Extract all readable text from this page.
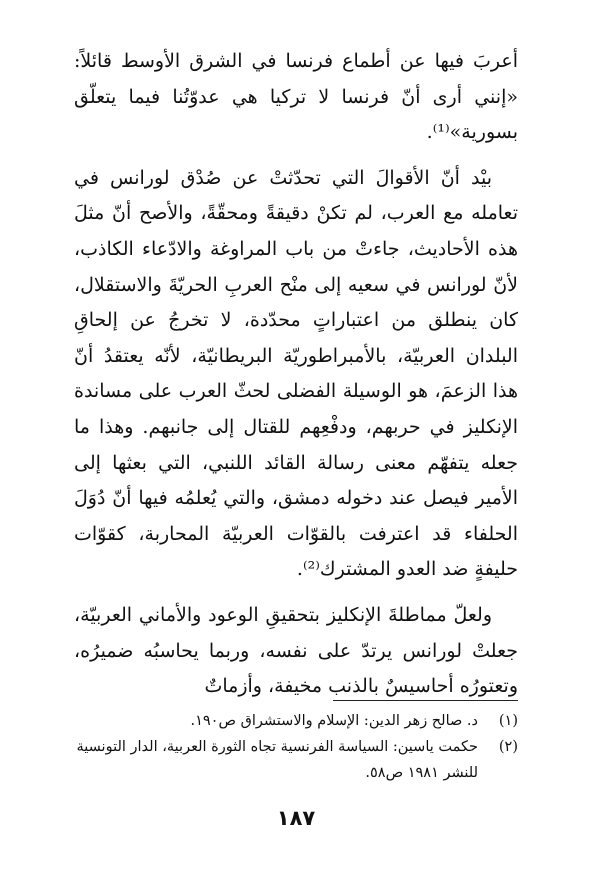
أعربَ فيها عن أطماع فرنسا في الشرق الأوسط قائلاً: «إنني أرى أنّ فرنسا لا تركيا هي عدوّتُنا فيما يتعلّق بسورية»⁽¹⁾.

بيْد أنّ الأقوالَ التي تحدّثتْ عن صُدْق لورانس في تعامله مع العرب، لم تكنْ دقيقةً ومحقّةً، والأصح أنّ مثلَ هذه الأحاديث، جاءتْ من باب المراوغة والادّعاء الكاذب، لأنّ لورانس في سعيه إلى منْح العربِ الحريّةَ والاستقلال، كان ينطلق من اعتباراتٍ محدّدة، لا تخرجُ عن إلحاقِ البلدان العربيّة، بالأمبراطوريّة البريطانيّة، لأنّه يعتقدُ أنّ هذا الزعمَ، هو الوسيلة الفضلى لحثّ العرب على مساندة الإنكليز في حربهم، ودفْعِهم للقتال إلى جانبهم. وهذا ما جعله يتفهّم معنى رسالة القائد اللنبي، التي بعثها إلى الأمير فيصل عند دخوله دمشق، والتي يُعلمُه فيها أنّ دُوَلَ الحلفاء قد اعترفت بالقوّات العربيّة المحاربة، كقوّات حليفةٍ ضد العدو المشترك⁽²⁾.

ولعلّ مماطلةَ الإنكليز بتحقيقِ الوعود والأماني العربيّة، جعلتْ لورانس يرتدّ على نفسه، وربما يحاسبُه ضميرُه، وتعتورُه أحاسيسٌ بالذنب مخيفة، وأزماتٌ

(١)
د. صالح زهر الدين: الإسلام والاستشراق ص١٩٠.
(٢)
حكمت ياسين: السياسة الفرنسية تجاه الثورة العربية، الدار التونسية للنشر ١٩٨١ ص٥٨.
١٨٧
